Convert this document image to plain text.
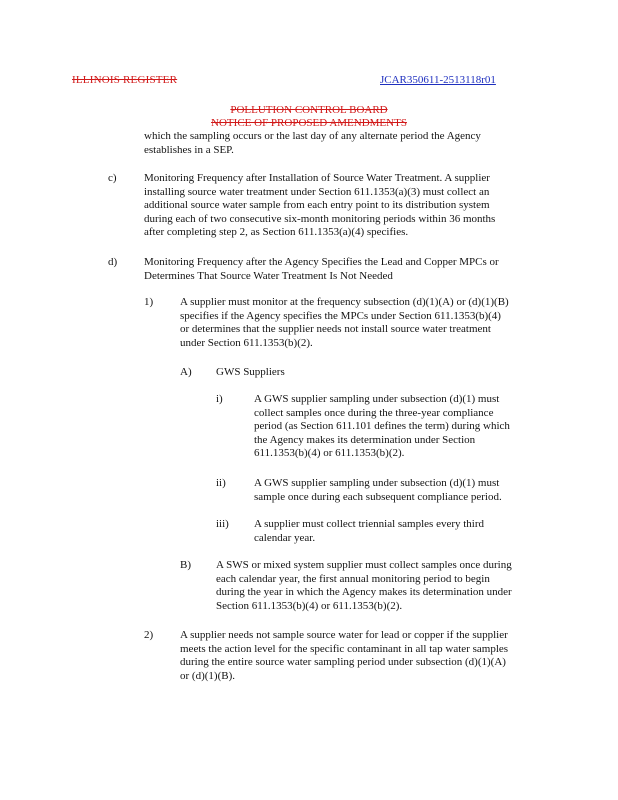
ILLINOIS REGISTER	JCAR350611-2513118r01
POLLUTION CONTROL BOARD
NOTICE OF PROPOSED AMENDMENTS
which the sampling occurs or the last day of any alternate period the Agency
establishes in a SEP.
c) Monitoring Frequency after Installation of Source Water Treatment. A supplier
installing source water treatment under Section 611.1353(a)(3) must collect an
additional source water sample from each entry point to its distribution system
during each of two consecutive six-month monitoring periods within 36 months
after completing step 2, as Section 611.1353(a)(4) specifies.
d) Monitoring Frequency after the Agency Specifies the Lead and Copper MPCs or
Determines That Source Water Treatment Is Not Needed
1) A supplier must monitor at the frequency subsection (d)(1)(A) or (d)(1)(B)
specifies if the Agency specifies the MPCs under Section 611.1353(b)(4)
or determines that the supplier needs not install source water treatment
under Section 611.1353(b)(2).
A) GWS Suppliers
i)	A GWS supplier sampling under subsection (d)(1) must
collect samples once during the three-year compliance
period (as Section 611.101 defines the term) during which
the Agency makes its determination under Section
611.1353(b)(4) or 611.1353(b)(2).
ii)	A GWS supplier sampling under subsection (d)(1) must
sample once during each subsequent compliance period.
iii) A supplier must collect triennial samples every third
calendar year.
B) A SWS or mixed system supplier must collect samples once during
each calendar year, the first annual monitoring period to begin
during the year in which the Agency makes its determination under
Section 611.1353(b)(4) or 611.1353(b)(2).
2) A supplier needs not sample source water for lead or copper if the supplier
meets the action level for the specific contaminant in all tap water samples
during the entire source water sampling period under subsection (d)(1)(A)
or (d)(1)(B).
